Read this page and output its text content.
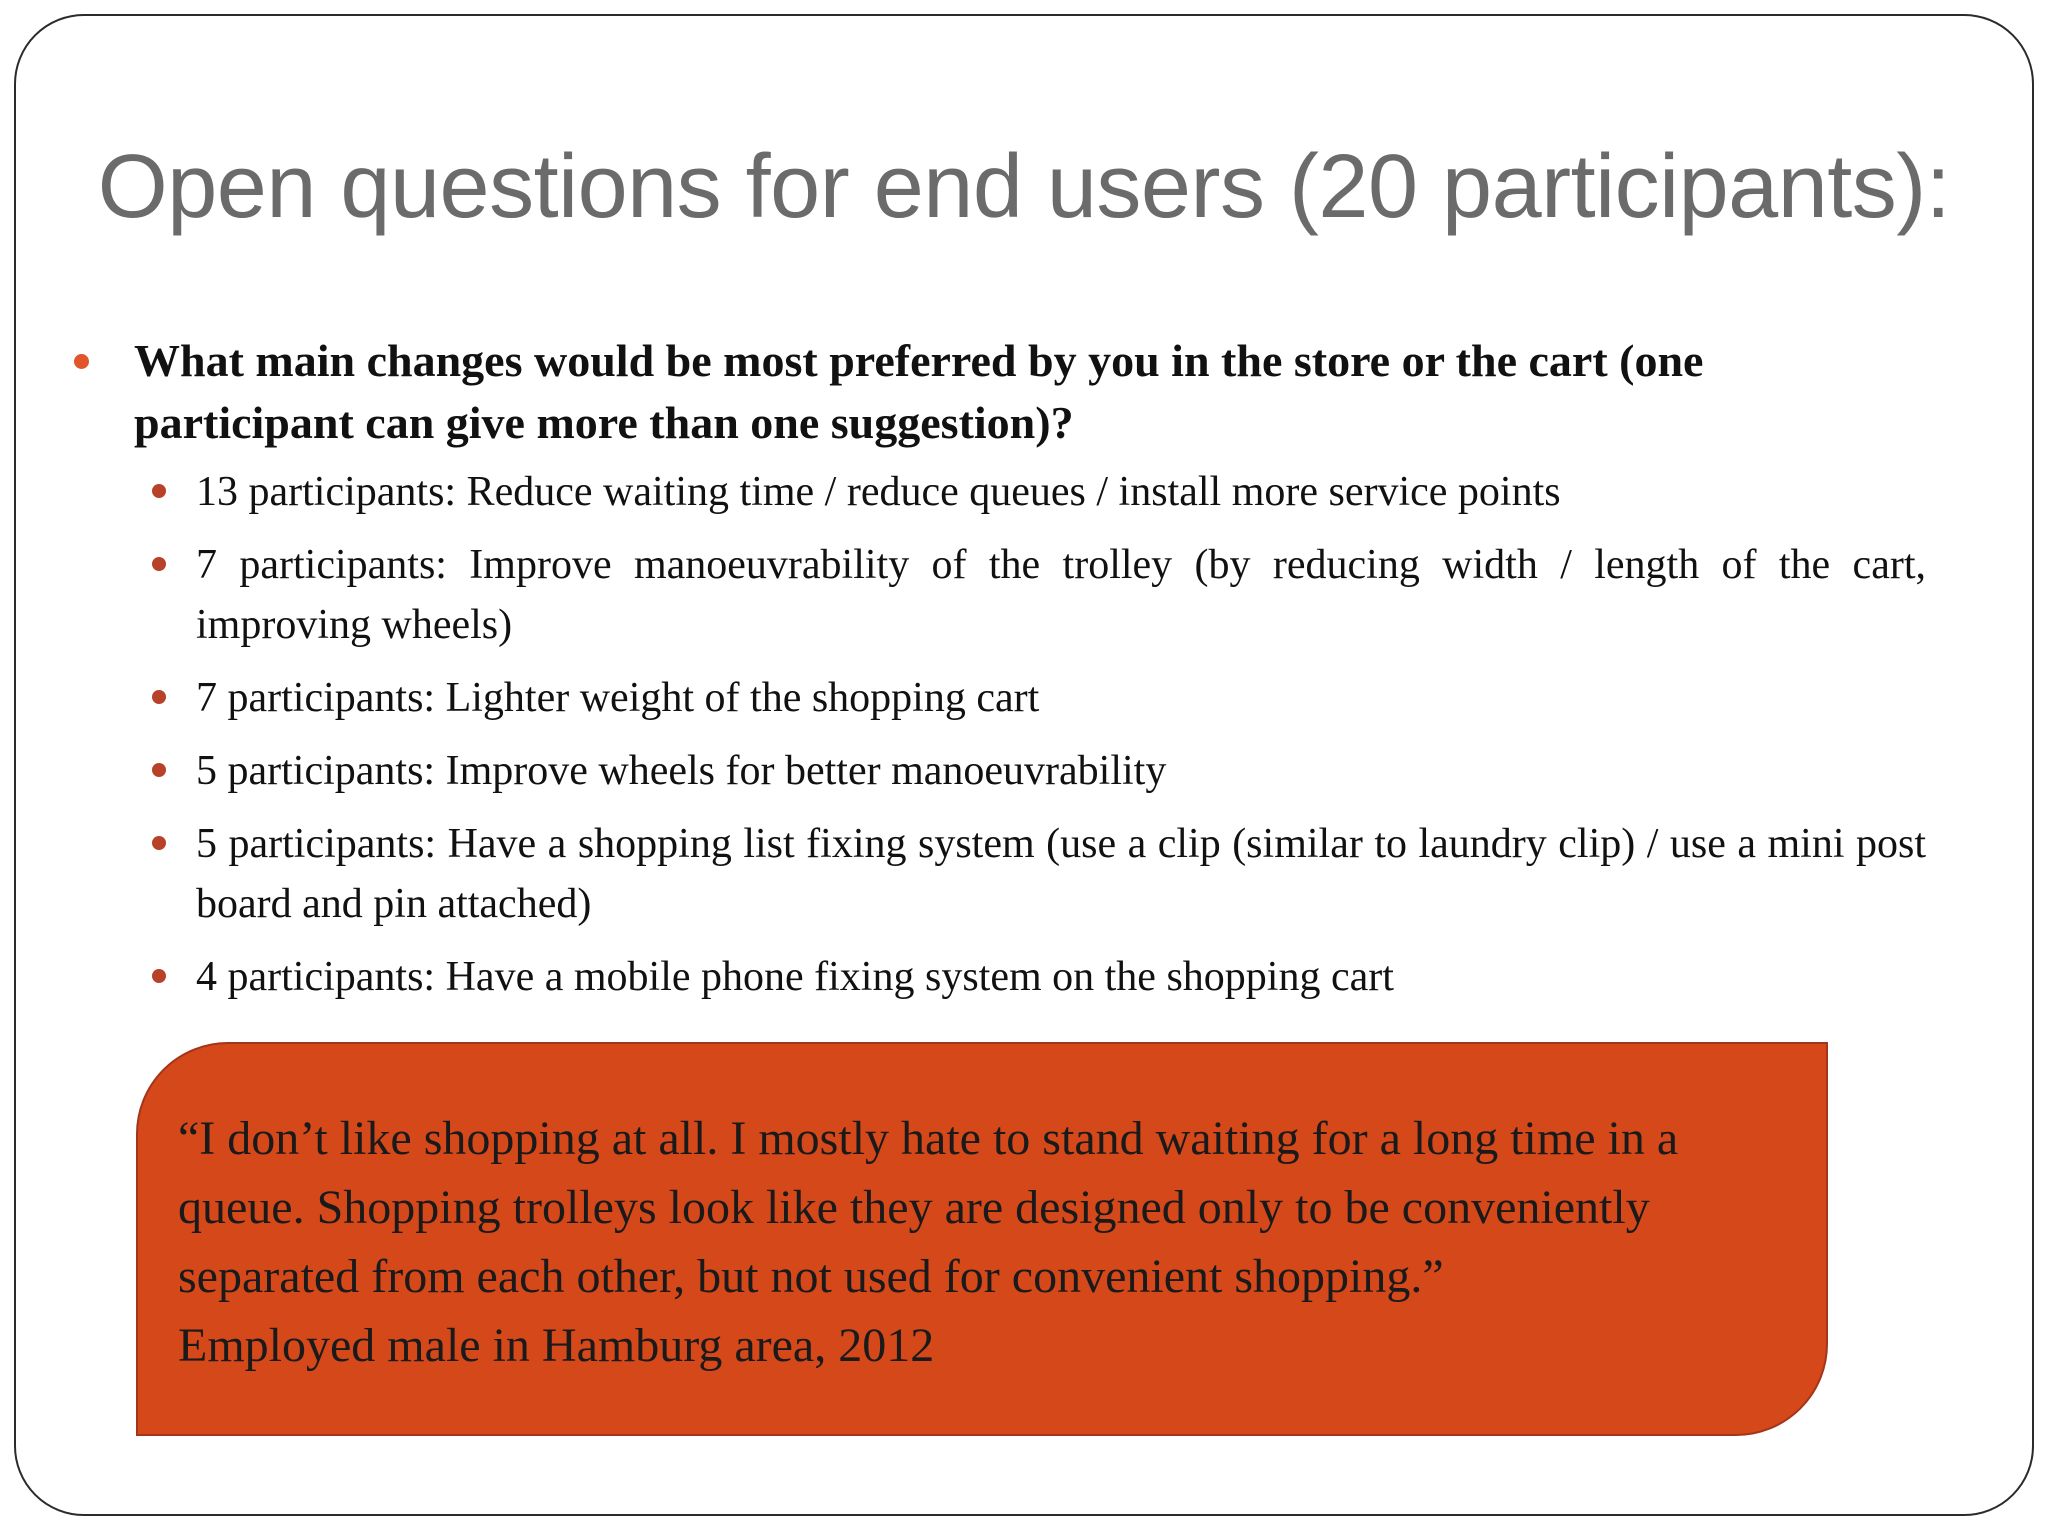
Open questions for end users (20 participants):
What main changes would be most preferred by you in the store or the cart (one participant can give more than one suggestion)?
13 participants: Reduce waiting time / reduce queues / install more service points
7 participants: Improve manoeuvrability of the trolley (by reducing width / length of the cart, improving wheels)
7 participants: Lighter weight of the shopping cart
5 participants: Improve wheels for better manoeuvrability
5 participants: Have a shopping list fixing system (use a clip (similar to laundry clip) / use a mini post board and pin attached)
4 participants: Have a mobile phone fixing system on the shopping cart
“I don’t like shopping at all. I mostly hate to stand waiting for a long time in a
queue. Shopping trolleys look like they are designed only to be conveniently
separated from each other, but not used for convenient shopping.”
Employed male in Hamburg area, 2012
